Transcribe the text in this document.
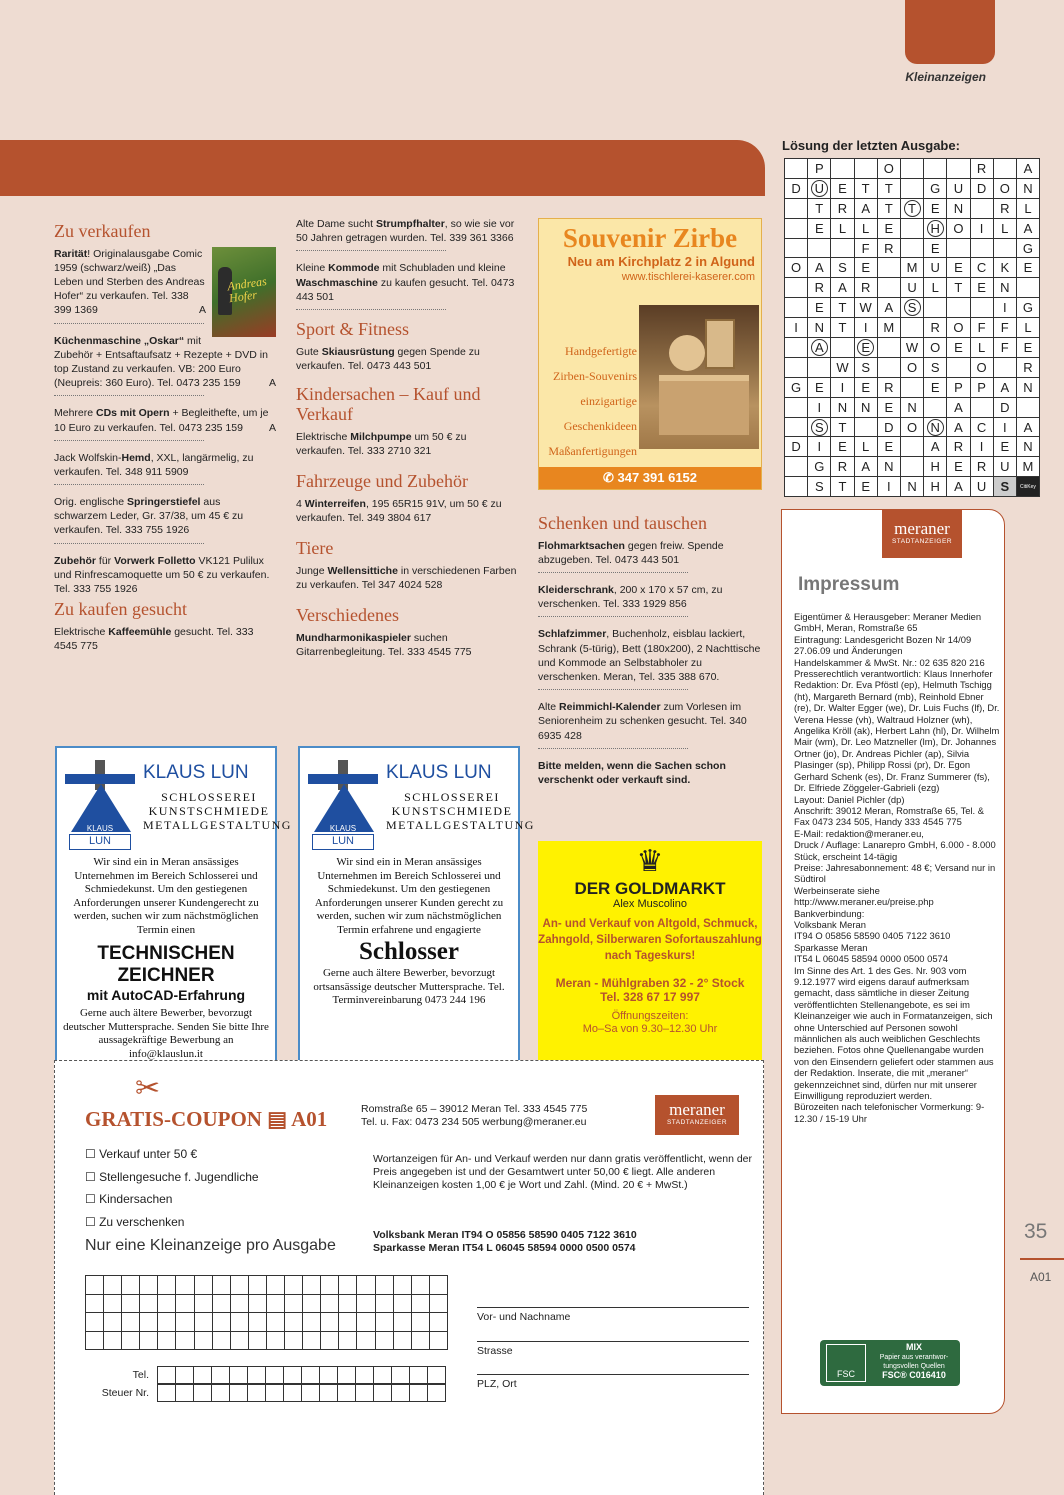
Kleinanzeigen
Zu verkaufen
Andreas Hofer
Rarität! Originalausgabe Comic 1959 (schwarz/weiß) „Das Leben und Sterben des Andreas Hofer“ zu verkaufen. Tel. 338 399 1369	A
Küchenmaschine „Oskar“ mit Zubehör + Entsaftaufsatz + Rezepte + DVD in top Zustand zu verkaufen. VB: 200 Euro (Neupreis: 360 Euro). Tel. 0473 235 159	A
Mehrere CDs mit Opern + Begleithefte, um je 10 Euro zu verkaufen. Tel. 0473 235 159 A
Jack Wolfskin-Hemd, XXL, langärmelig, zu verkaufen. Tel. 348 911 5909
Orig. englische Springerstiefel aus schwarzem Leder, Gr. 37/38, um 45 € zu verkaufen. Tel. 333 755 1926
Zubehör für Vorwerk Folletto VK121 Pulilux und Rinfrescamoquette um 50 € zu verkaufen. Tel. 333 755 1926
Zu kaufen gesucht
Elektrische Kaffeemühle gesucht. Tel. 333 4545 775
Alte Dame sucht Strumpfhalter, so wie sie vor 50 Jahren getragen wurden. Tel. 339 361 3366
Kleine Kommode mit Schubladen und kleine Waschmaschine zu kaufen gesucht. Tel. 0473 443 501
Sport & Fitness
Gute Skiausrüstung gegen Spende zu verkaufen. Tel. 0473 443 501
Kindersachen – Kauf und Verkauf
Elektrische Milchpumpe um 50 € zu verkaufen. Tel. 333 2710 321
Fahrzeuge und Zubehör
4 Winterreifen, 195 65R15 91V, um 50 € zu verkaufen. Tel. 349 3804 617
Tiere
Junge Wellensittiche in verschiedenen Farben zu verkaufen. Tel 347 4024 528
Verschiedenes
Mundharmonikaspieler suchen Gitarrenbegleitung. Tel. 333 4545 775
Souvenir Zirbe
Neu am Kirchplatz 2 in Algund
www.tischlerei-kaserer.com
Handgefertigte
Zirben-Souvenirs
einzigartige
Geschenkideen
Maßanfertigungen
✆ 347 391 6152
Schenken und tauschen
Flohmarktsachen gegen freiw. Spende abzugeben. Tel. 0473 443 501
Kleiderschrank, 200 x 170 x 57 cm, zu verschenken. Tel. 333 1929 856
Schlafzimmer, Buchenholz, eisblau lackiert, Schrank (5-türig), Bett (180x200), 2 Nachttische und Kommode an Selbstabholer zu verschenken. Meran, Tel. 335 388 670.
Alte Reimmichl-Kalender zum Vorlesen im Seniorenheim zu schenken gesucht. Tel. 340 6935 428
Bitte melden, wenn die Sachen schon verschenkt oder verkauft sind.
Lösung der letzten Ausgabe:
	P			O				R		A
D	U	E	T	T		G	U	D	O	N
	T	R	A	T	T	E	N		R	L
	E	L	L	E		H	O	I	L	A
			F	R		E				G
O	A	S	E		M	U	E	C	K	E
	R	A	R		U	L	T	E	N	
	E	T	W	A	S				I	G
I	N	T	I	M		R	O	F	F	L
	A		E		W	O	E	L	F	E
		W	S		O	S		O		R
G	E	I	E	R		E	P	P	A	N
	I	N	N	E	N		A		D	
	S	T		D	O	N	A	C	I	A
D	I	E	L	E		A	R	I	E	N
	G	R	A	N		H	E	R	U	M
	S	T	E	I	N	H	A	U	S	CitiKey
meraner
STADTANZEIGER
Impressum
Eigentümer & Herausgeber: Meraner Medien GmbH, Meran, Romstraße 65
Eintragung: Landesgericht Bozen Nr 14/09 27.06.09 und Änderungen
Handelskammer & MwSt. Nr.: 02 635 820 216
Presserechtlich verantwortlich: Klaus Innerhofer
Redaktion: Dr. Eva Pföstl (ep), Helmuth Tschigg (ht), Margareth Bernard (mb), Reinhold Ebner (re), Dr. Walter Egger (we), Dr. Luis Fuchs (lf), Dr. Verena Hesse (vh), Waltraud Holzner (wh), Angelika Kröll (ak), Herbert Lahn (hl), Dr. Wilhelm Mair (wm), Dr. Leo Matzneller (lm), Dr. Johannes Ortner (jo), Dr. Andreas Pichler (ap), Silvia Plasinger (sp), Philipp Rossi (pr), Dr. Egon Gerhard Schenk (es), Dr. Franz Summerer (fs), Dr. Elfriede Zöggeler-Gabrieli (ezg)
Layout: Daniel Pichler (dp)
Anschrift: 39012 Meran, Romstraße 65, Tel. & Fax 0473 234 505, Handy 333 4545 775
E-Mail: redaktion@meraner.eu,
Druck / Auflage: Lanarepro GmbH, 6.000 - 8.000 Stück, erscheint 14-tägig
Preise: Jahresabonnement: 48 €; Versand nur in Südtirol
Werbeinserate siehe http://www.meraner.eu/preise.php
Bankverbindung:
Volksbank Meran
IT94 O 05856 58590 0405 7122 3610
Sparkasse Meran
IT54 L 06045 58594 0000 0500 0574
Im Sinne des Art. 1 des Ges. Nr. 903 vom 9.12.1977 wird eigens darauf aufmerksam gemacht, dass sämtliche in dieser Zeitung veröffentlichten Stellenangebote, es sei im Kleinanzeiger wie auch in Formatanzeigen, sich ohne Unterschied auf Personen sowohl männlichen als auch weiblichen Geschlechts beziehen. Fotos ohne Quellenangabe wurden von den Einsendern geliefert oder stammen aus der Redaktion. Inserate, die mit „meraner“ gekennzeichnet sind, dürfen nur mit unserer Einwilligung reproduziert werden.
Bürozeiten nach telefonischer Vormerkung: 9-12.30 / 15-19 Uhr
FSC
MIX
Papier aus verantwor-
tungsvollen Quellen
FSC® C016410
35
A01
KLAUS
LUN
KLAUS LUN
SCHLOSSEREI
KUNSTSCHMIEDE
METALLGESTALTUNG
Wir sind ein in Meran ansässiges Unternehmen im Bereich Schlosserei und Schmiedekunst. Um den gestiegenen Anforderungen unserer Kundengerecht zu werden, suchen wir zum nächstmöglichen Termin einen
TECHNISCHEN ZEICHNER
mit AutoCAD-Erfahrung
Gerne auch ältere Bewerber, bevorzugt deutscher Muttersprache. Senden Sie bitte Ihre aussagekräftige Bewerbung an info@klauslun.it
KLAUS
LUN
KLAUS LUN
SCHLOSSEREI
KUNSTSCHMIEDE
METALLGESTALTUNG
Wir sind ein in Meran ansässiges Unternehmen im Bereich Schlosserei und Schmiedekunst. Um den gestiegenen Anforderungen unserer Kunden gerecht zu werden, suchen wir zum nächstmöglichen Termin erfahrene und engagierte
Schlosser
Gerne auch ältere Bewerber, bevorzugt ortsansässige deutscher Muttersprache. Tel. Terminvereinbarung 0473 244 196
♛
DER GOLDMARKT
Alex Muscolino
An- und Verkauf von Altgold, Schmuck, Zahngold, Silberwaren Sofortauszahlung nach Tageskurs!
Meran - Mühlgraben 32 - 2° Stock
Tel. 328 67 17 997
Öffnungszeiten:
Mo–Sa von 9.30–12.30 Uhr
✂
GRATIS-COUPON ▤ A01	Romstraße 65 – 39012 Meran Tel. 333 4545 775
Tel. u. Fax: 0473 234 505 werbung@meraner.eu
meraner
STADTANZEIGER
☐ Verkauf unter 50 €
☐ Stellengesuche f. Jugendliche
☐ Kindersachen
☐ Zu verschenken
Nur eine Kleinanzeige pro Ausgabe
Wortanzeigen für An- und Verkauf werden nur dann gratis veröffentlicht, wenn der Preis angegeben ist und der Gesamtwert unter 50,00 € liegt. Alle anderen Kleinanzeigen kosten 1,00 € je Wort und Zahl. (Mind. 20 € + MwSt.)
Volksbank Meran IT94 O 05856 58590 0405 7122 3610
Sparkasse Meran IT54 L 06045 58594 0000 0500 0574

Tel.

Steuer Nr.

Vor- und Nachname
Strasse
PLZ, Ort
